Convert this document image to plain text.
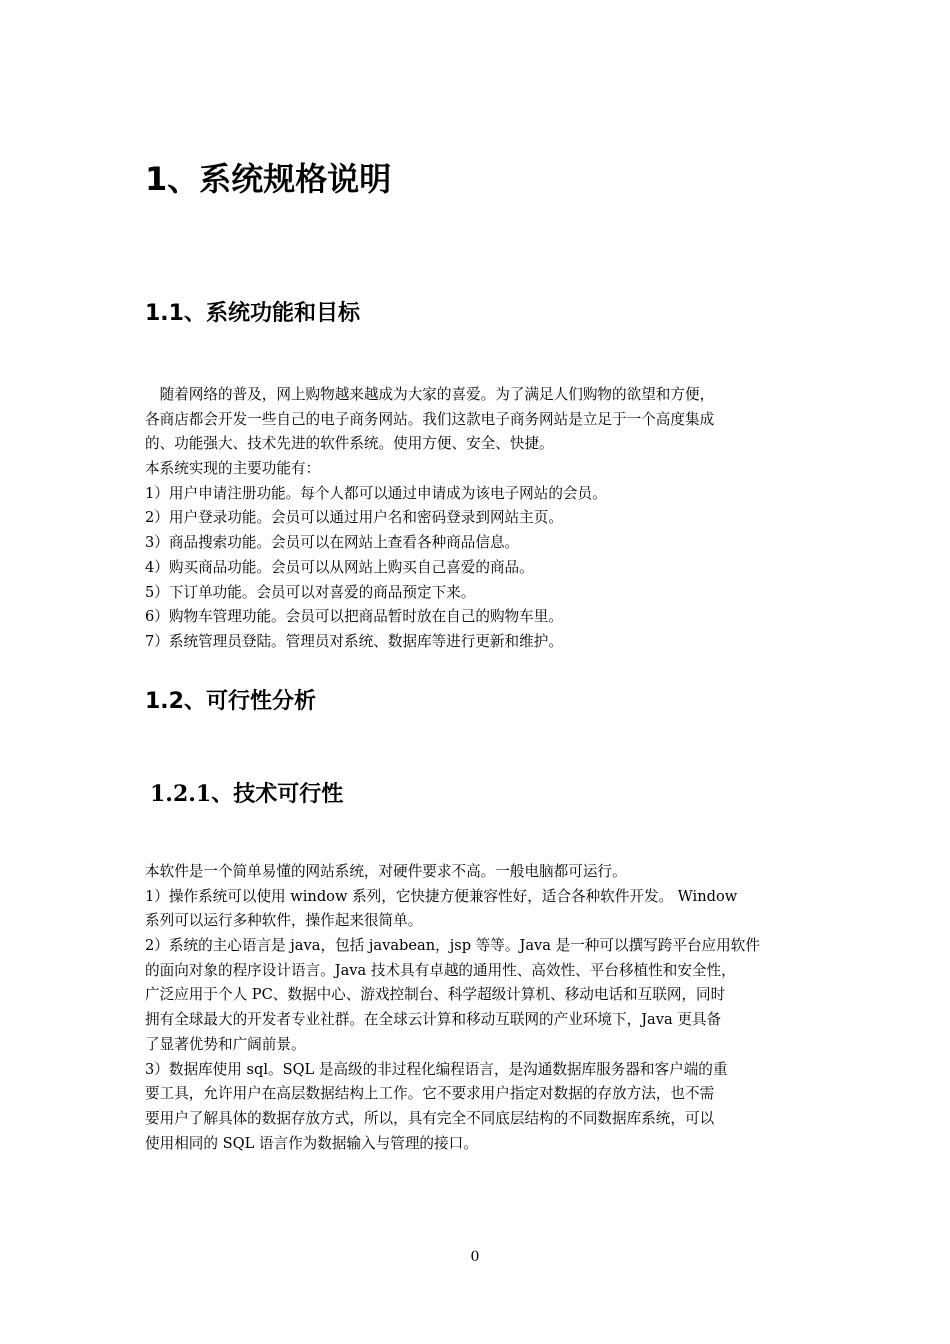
1、系统规格说明
1.1、系统功能和目标
　随着网络的普及，网上购物越来越成为大家的喜爱。为了满足人们购物的欲望和方便，
各商店都会开发一些自己的电子商务网站。我们这款电子商务网站是立足于一个高度集成
的、功能强大、技术先进的软件系统。使用方便、安全、快捷。
本系统实现的主要功能有：
1）用户申请注册功能。每个人都可以通过申请成为该电子网站的会员。
2）用户登录功能。会员可以通过用户名和密码登录到网站主页。
3）商品搜索功能。会员可以在网站上查看各种商品信息。
4）购买商品功能。会员可以从网站上购买自己喜爱的商品。
5）下订单功能。会员可以对喜爱的商品预定下来。
6）购物车管理功能。会员可以把商品暂时放在自己的购物车里。
7）系统管理员登陆。管理员对系统、数据库等进行更新和维护。
1.2、可行性分析
1.2.1、技术可行性
本软件是一个简单易懂的网站系统，对硬件要求不高。一般电脑都可运行。
1）操作系统可以使用 window 系列，它快捷方便兼容性好，适合各种软件开发。 Window
系列可以运行多种软件，操作起来很简单。
2）系统的主心语言是 java，包括 javabean，jsp 等等。Java 是一种可以撰写跨平台应用软件
的面向对象的程序设计语言。Java 技术具有卓越的通用性、高效性、平台移植性和安全性，
广泛应用于个人 PC、数据中心、游戏控制台、科学超级计算机、移动电话和互联网，同时
拥有全球最大的开发者专业社群。在全球云计算和移动互联网的产业环境下，Java 更具备
了显著优势和广阔前景。
3）数据库使用 sql。SQL 是高级的非过程化编程语言，是沟通数据库服务器和客户端的重
要工具，允许用户在高层数据结构上工作。它不要求用户指定对数据的存放方法，也不需
要用户了解具体的数据存放方式，所以，具有完全不同底层结构的不同数据库系统，可以
使用相同的 SQL 语言作为数据输入与管理的接口。
0
